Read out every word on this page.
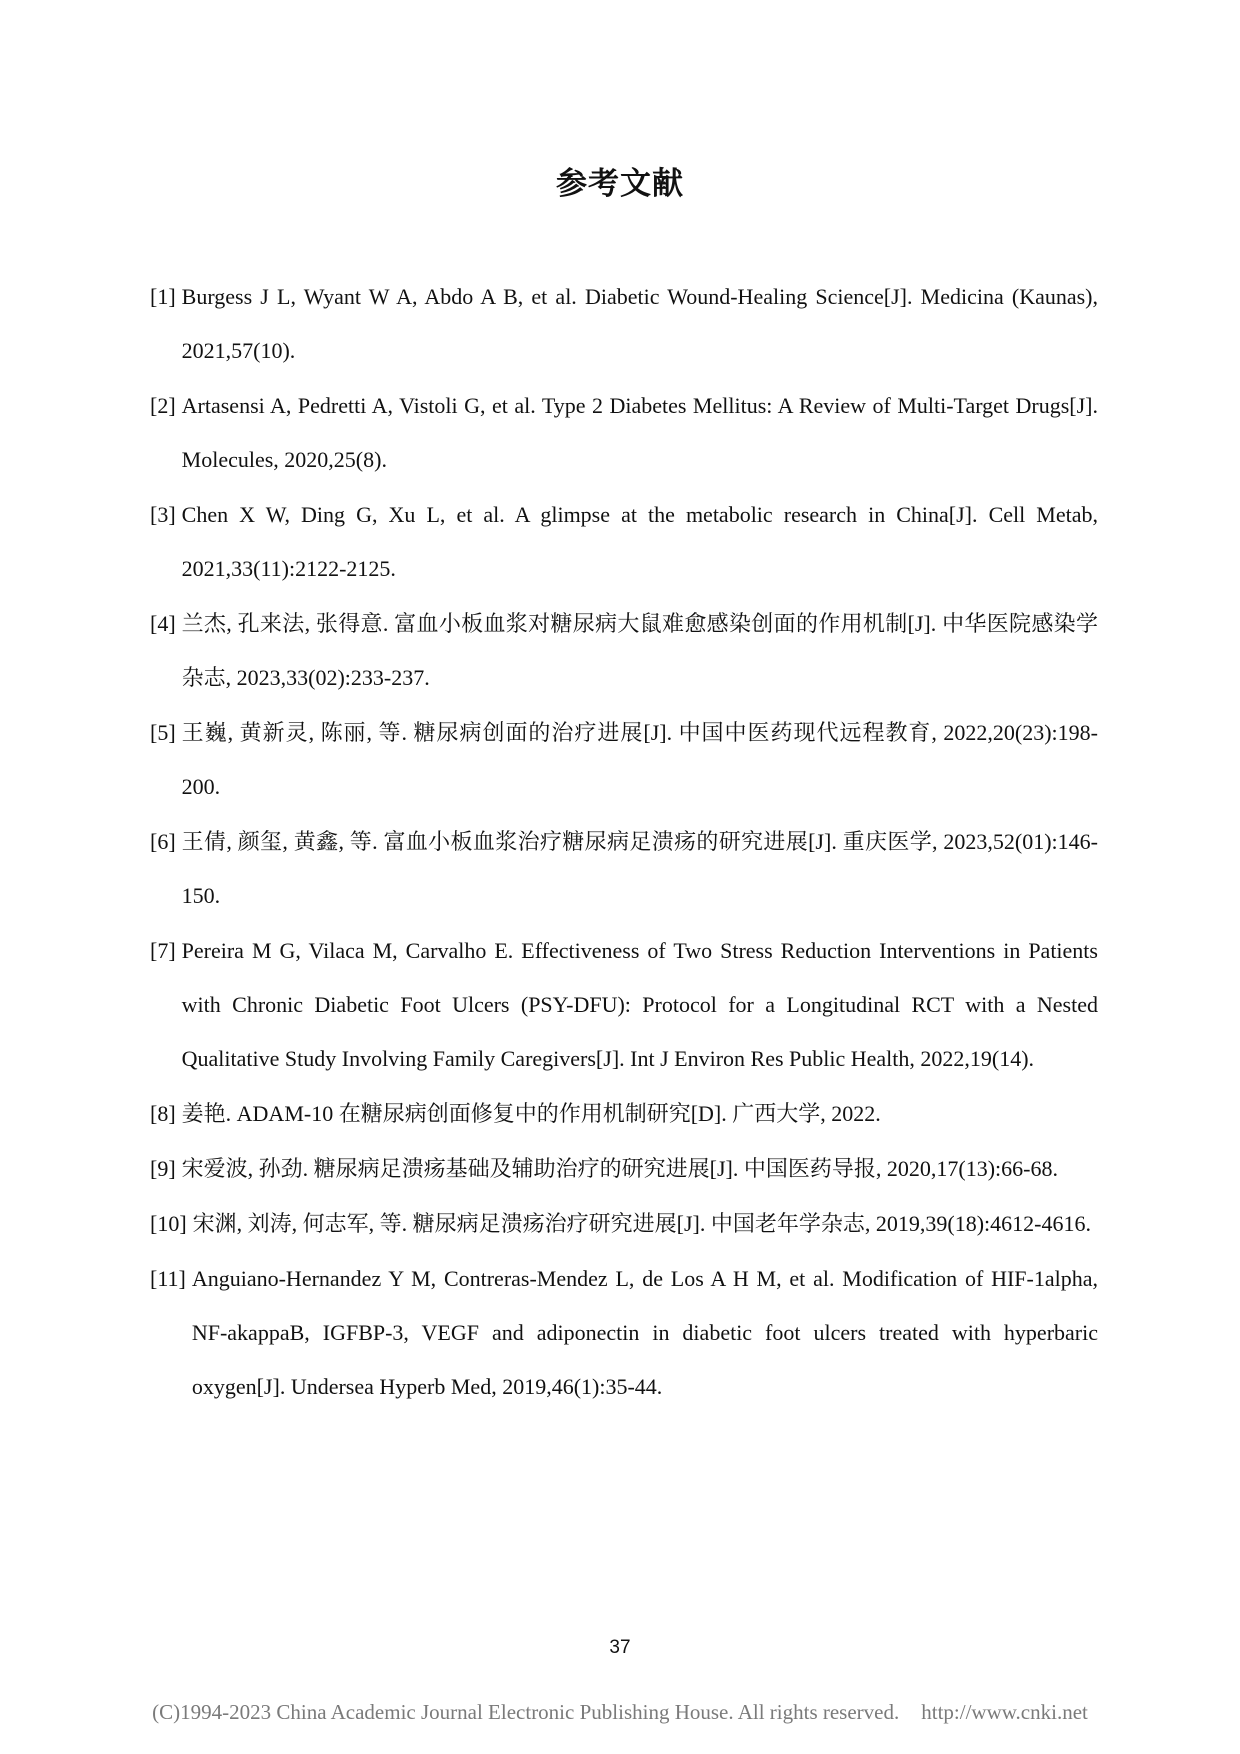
参考文献
[1] Burgess J L, Wyant W A, Abdo A B, et al. Diabetic Wound-Healing Science[J]. Medicina (Kaunas), 2021,57(10).
[2] Artasensi A, Pedretti A, Vistoli G, et al. Type 2 Diabetes Mellitus: A Review of Multi-Target Drugs[J]. Molecules, 2020,25(8).
[3] Chen X W, Ding G, Xu L, et al. A glimpse at the metabolic research in China[J]. Cell Metab, 2021,33(11):2122-2125.
[4] 兰杰, 孔来法, 张得意. 富血小板血浆对糖尿病大鼠难愈感染创面的作用机制[J]. 中华医院感染学杂志, 2023,33(02):233-237.
[5] 王巍, 黄新灵, 陈丽, 等. 糖尿病创面的治疗进展[J]. 中国中医药现代远程教育, 2022,20(23):198-200.
[6] 王倩, 颜玺, 黄鑫, 等. 富血小板血浆治疗糖尿病足溃疡的研究进展[J]. 重庆医学, 2023,52(01):146-150.
[7] Pereira M G, Vilaca M, Carvalho E. Effectiveness of Two Stress Reduction Interventions in Patients with Chronic Diabetic Foot Ulcers (PSY-DFU): Protocol for a Longitudinal RCT with a Nested Qualitative Study Involving Family Caregivers[J]. Int J Environ Res Public Health, 2022,19(14).
[8] 姜艳. ADAM-10 在糖尿病创面修复中的作用机制研究[D]. 广西大学, 2022.
[9] 宋爱波, 孙劲. 糖尿病足溃疡基础及辅助治疗的研究进展[J]. 中国医药导报, 2020,17(13):66-68.
[10] 宋渊, 刘涛, 何志军, 等. 糖尿病足溃疡治疗研究进展[J]. 中国老年学杂志, 2019,39(18):4612-4616.
[11] Anguiano-Hernandez Y M, Contreras-Mendez L, de Los A H M, et al. Modification of HIF-1alpha, NF-akappaB, IGFBP-3, VEGF and adiponectin in diabetic foot ulcers treated with hyperbaric oxygen[J]. Undersea Hyperb Med, 2019,46(1):35-44.
37
(C)1994-2023 China Academic Journal Electronic Publishing House. All rights reserved. http://www.cnki.net
